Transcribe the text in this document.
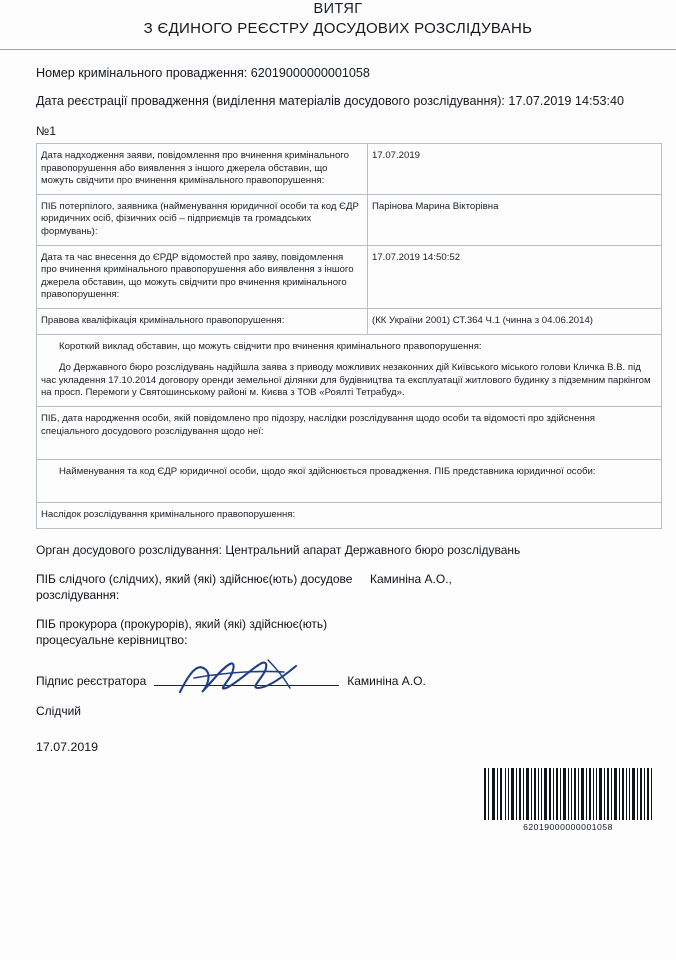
ВИТЯГ
З ЄДИНОГО РЕЄСТРУ ДОСУДОВИХ РОЗСЛІДУВАНЬ
Номер кримінального провадження: 62019000000001058
Дата реєстрації провадження (виділення матеріалів досудового розслідування): 17.07.2019 14:53:40
№1
Дата надходження заяви, повідомлення про вчинення кримінального правопорушення або виявлення з іншого джерела обставин, що можуть свідчити про вчинення кримінального правопорушення:	17.07.2019
ПІБ потерпілого, заявника (найменування юридичної особи та код ЄДР юридичних осіб, фізичних осіб – підприємців та громадських формувань):	Парінова Марина Вікторівна
Дата та час внесення до ЄРДР відомостей про заяву, повідомлення про вчинення кримінального правопорушення або виявлення з іншого джерела обставин, що можуть свідчити про вчинення кримінального правопорушення:	17.07.2019 14:50:52
Правова кваліфікація кримінального правопорушення:	(КК України 2001) СТ.364 Ч.1 (чинна з 04.06.2014)

Короткий виклад обставин, що можуть свідчити про вчинення кримінального правопорушення:

До Державного бюро розслідувань надійшла заява з приводу можливих незаконних дій Київського міського голови Кличка В.В. під час укладення 17.10.2014 договору оренди земельної ділянки для будівництва та експлуатації житлового будинку з підземним паркінгом на просп. Перемоги у Святошинському районі м. Києва з ТОВ «Роялті Тетрабуд».	

ПІБ, дата народження особи, якій повідомлено про підозру, наслідки розслідування щодо особи та відомості про здійснення спеціального досудового розслідування щодо неї:	

Найменування та код ЄДР юридичної особи, щодо якої здійснюється провадження. ПІБ представника юридичної особи:	

Наслідок розслідування кримінального правопорушення:	

Орган досудового розслідування: Центральний апарат Державного бюро розслідувань
ПІБ слідчого (слідчих), який (які) здійснює(ють) досудове розслідування:
Каминіна А.О.,
ПІБ прокурора (прокурорів), який (які) здійснює(ють) процесуальне керівництво:
Підпис реєстратора	Каминіна А.О.
Слідчий
17.07.2019
62019000000001058
